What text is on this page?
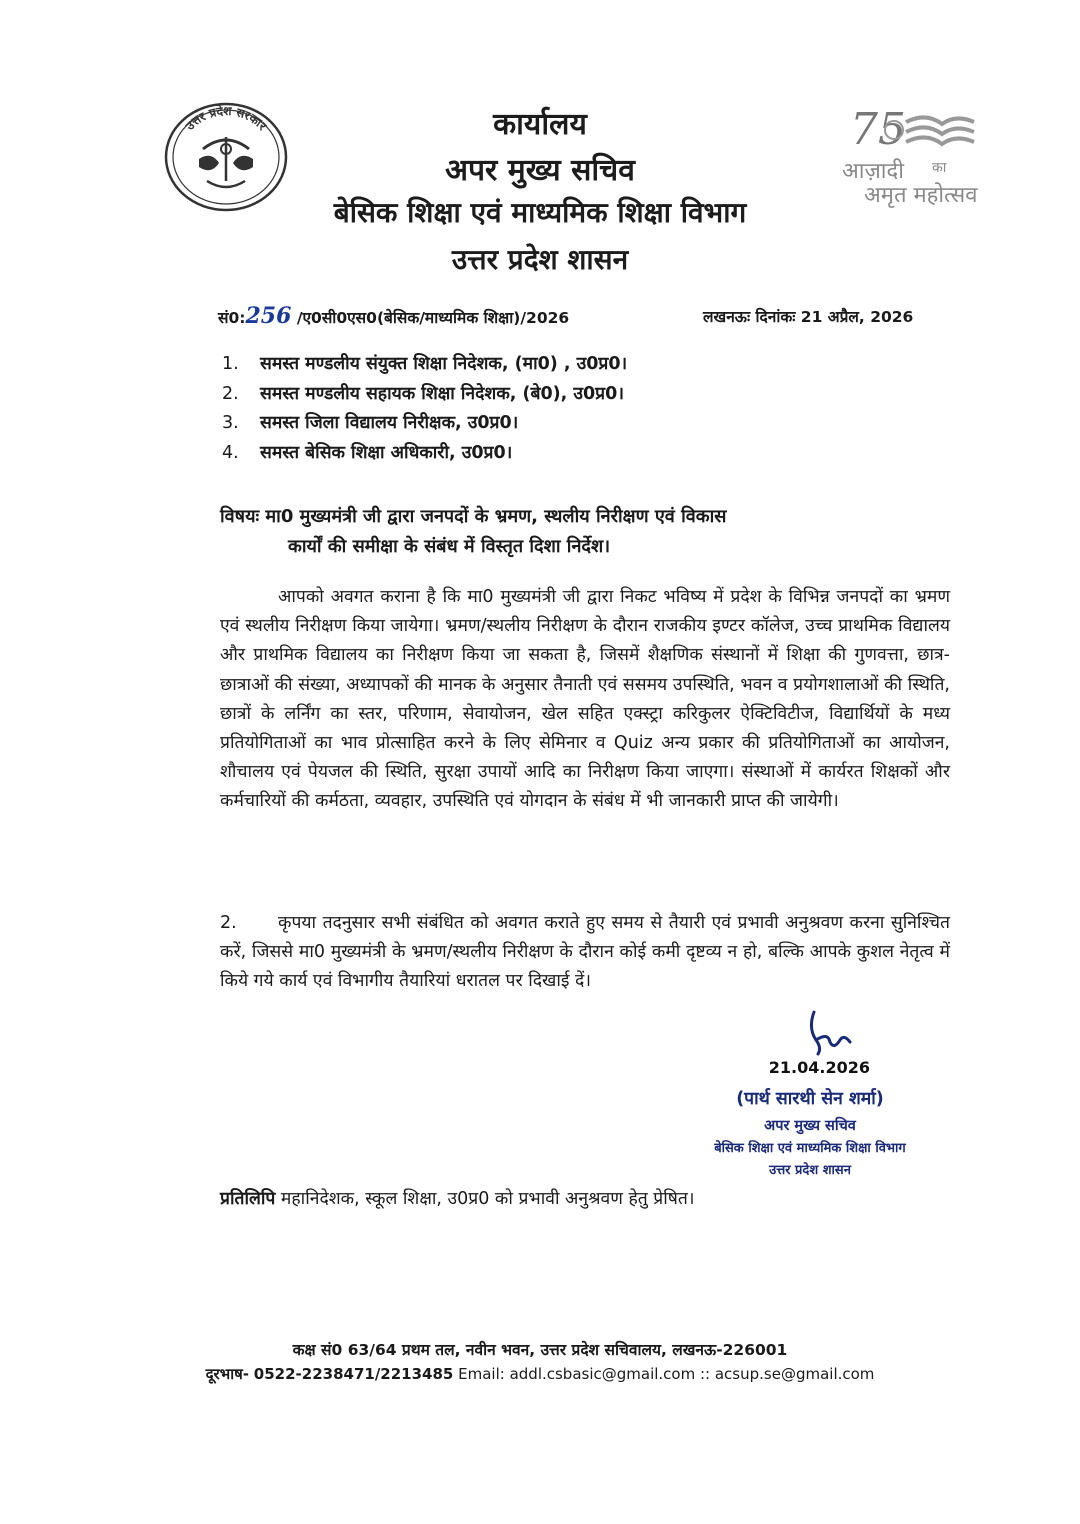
उत्तर प्रदेश सरकार	75
आज़ादी का
अमृत महोत्सव
कार्यालय
अपर मुख्य सचिव
बेसिक शिक्षा एवं माध्यमिक शिक्षा विभाग
उत्तर प्रदेश शासन
सं0:256 /ए0सी0एस0(बेसिक/माध्यमिक शिक्षा)/2026	लखनऊः दिनांकः 21 अप्रैल, 2026
1. समस्त मण्डलीय संयुक्त शिक्षा निदेशक, (मा0) , उ0प्र0।
2. समस्त मण्डलीय सहायक शिक्षा निदेशक, (बे0), उ0प्र0।
3. समस्त जिला विद्यालय निरीक्षक, उ0प्र0।
4. समस्त बेसिक शिक्षा अधिकारी, उ0प्र0।
विषयः मा0 मुख्यमंत्री जी द्वारा जनपदों के भ्रमण, स्थलीय निरीक्षण एवं विकास
कार्यों की समीक्षा के संबंध में विस्तृत दिशा निर्देश।
आपको अवगत कराना है कि मा0 मुख्यमंत्री जी द्वारा निकट भविष्य में प्रदेश के विभिन्न जनपदों का भ्रमण एवं स्थलीय निरीक्षण किया जायेगा। भ्रमण/स्थलीय निरीक्षण के दौरान राजकीय इण्टर कॉलेज, उच्च प्राथमिक विद्यालय और प्राथमिक विद्यालय का निरीक्षण किया जा सकता है, जिसमें शैक्षणिक संस्थानों में शिक्षा की गुणवत्ता, छात्र-छात्राओं की संख्या, अध्यापकों की मानक के अनुसार तैनाती एवं ससमय उपस्थिति, भवन व प्रयोगशालाओं की स्थिति, छात्रों के लर्निंग का स्तर, परिणाम, सेवायोजन, खेल सहित एक्स्ट्रा करिकुलर ऐक्टिविटीज, विद्यार्थियों के मध्य प्रतियोगिताओं का भाव प्रोत्साहित करने के लिए सेमिनार व Quiz अन्य प्रकार की प्रतियोगिताओं का आयोजन, शौचालय एवं पेयजल की स्थिति, सुरक्षा उपायों आदि का निरीक्षण किया जाएगा। संस्थाओं में कार्यरत शिक्षकों और कर्मचारियों की कर्मठता, व्यवहार, उपस्थिति एवं योगदान के संबंध में भी जानकारी प्राप्त की जायेगी।
2. कृपया तदनुसार सभी संबंधित को अवगत कराते हुए समय से तैयारी एवं प्रभावी अनुश्रवण करना सुनिश्चित करें, जिससे मा0 मुख्यमंत्री के भ्रमण/स्थलीय निरीक्षण के दौरान कोई कमी दृष्टव्य न हो, बल्कि आपके कुशल नेतृत्व में किये गये कार्य एवं विभागीय तैयारियां धरातल पर दिखाई दें।
21.04.2026
(पार्थ सारथी सेन शर्मा)
अपर मुख्य सचिव
बेसिक शिक्षा एवं माध्यमिक शिक्षा विभाग
उत्तर प्रदेश शासन
प्रतिलिपि महानिदेशक, स्कूल शिक्षा, उ0प्र0 को प्रभावी अनुश्रवण हेतु प्रेषित।
कक्ष सं0 63/64 प्रथम तल, नवीन भवन, उत्तर प्रदेश सचिवालय, लखनऊ-226001
दूरभाष- 0522-2238471/2213485 Email: addl.csbasic@gmail.com :: acsup.se@gmail.com
